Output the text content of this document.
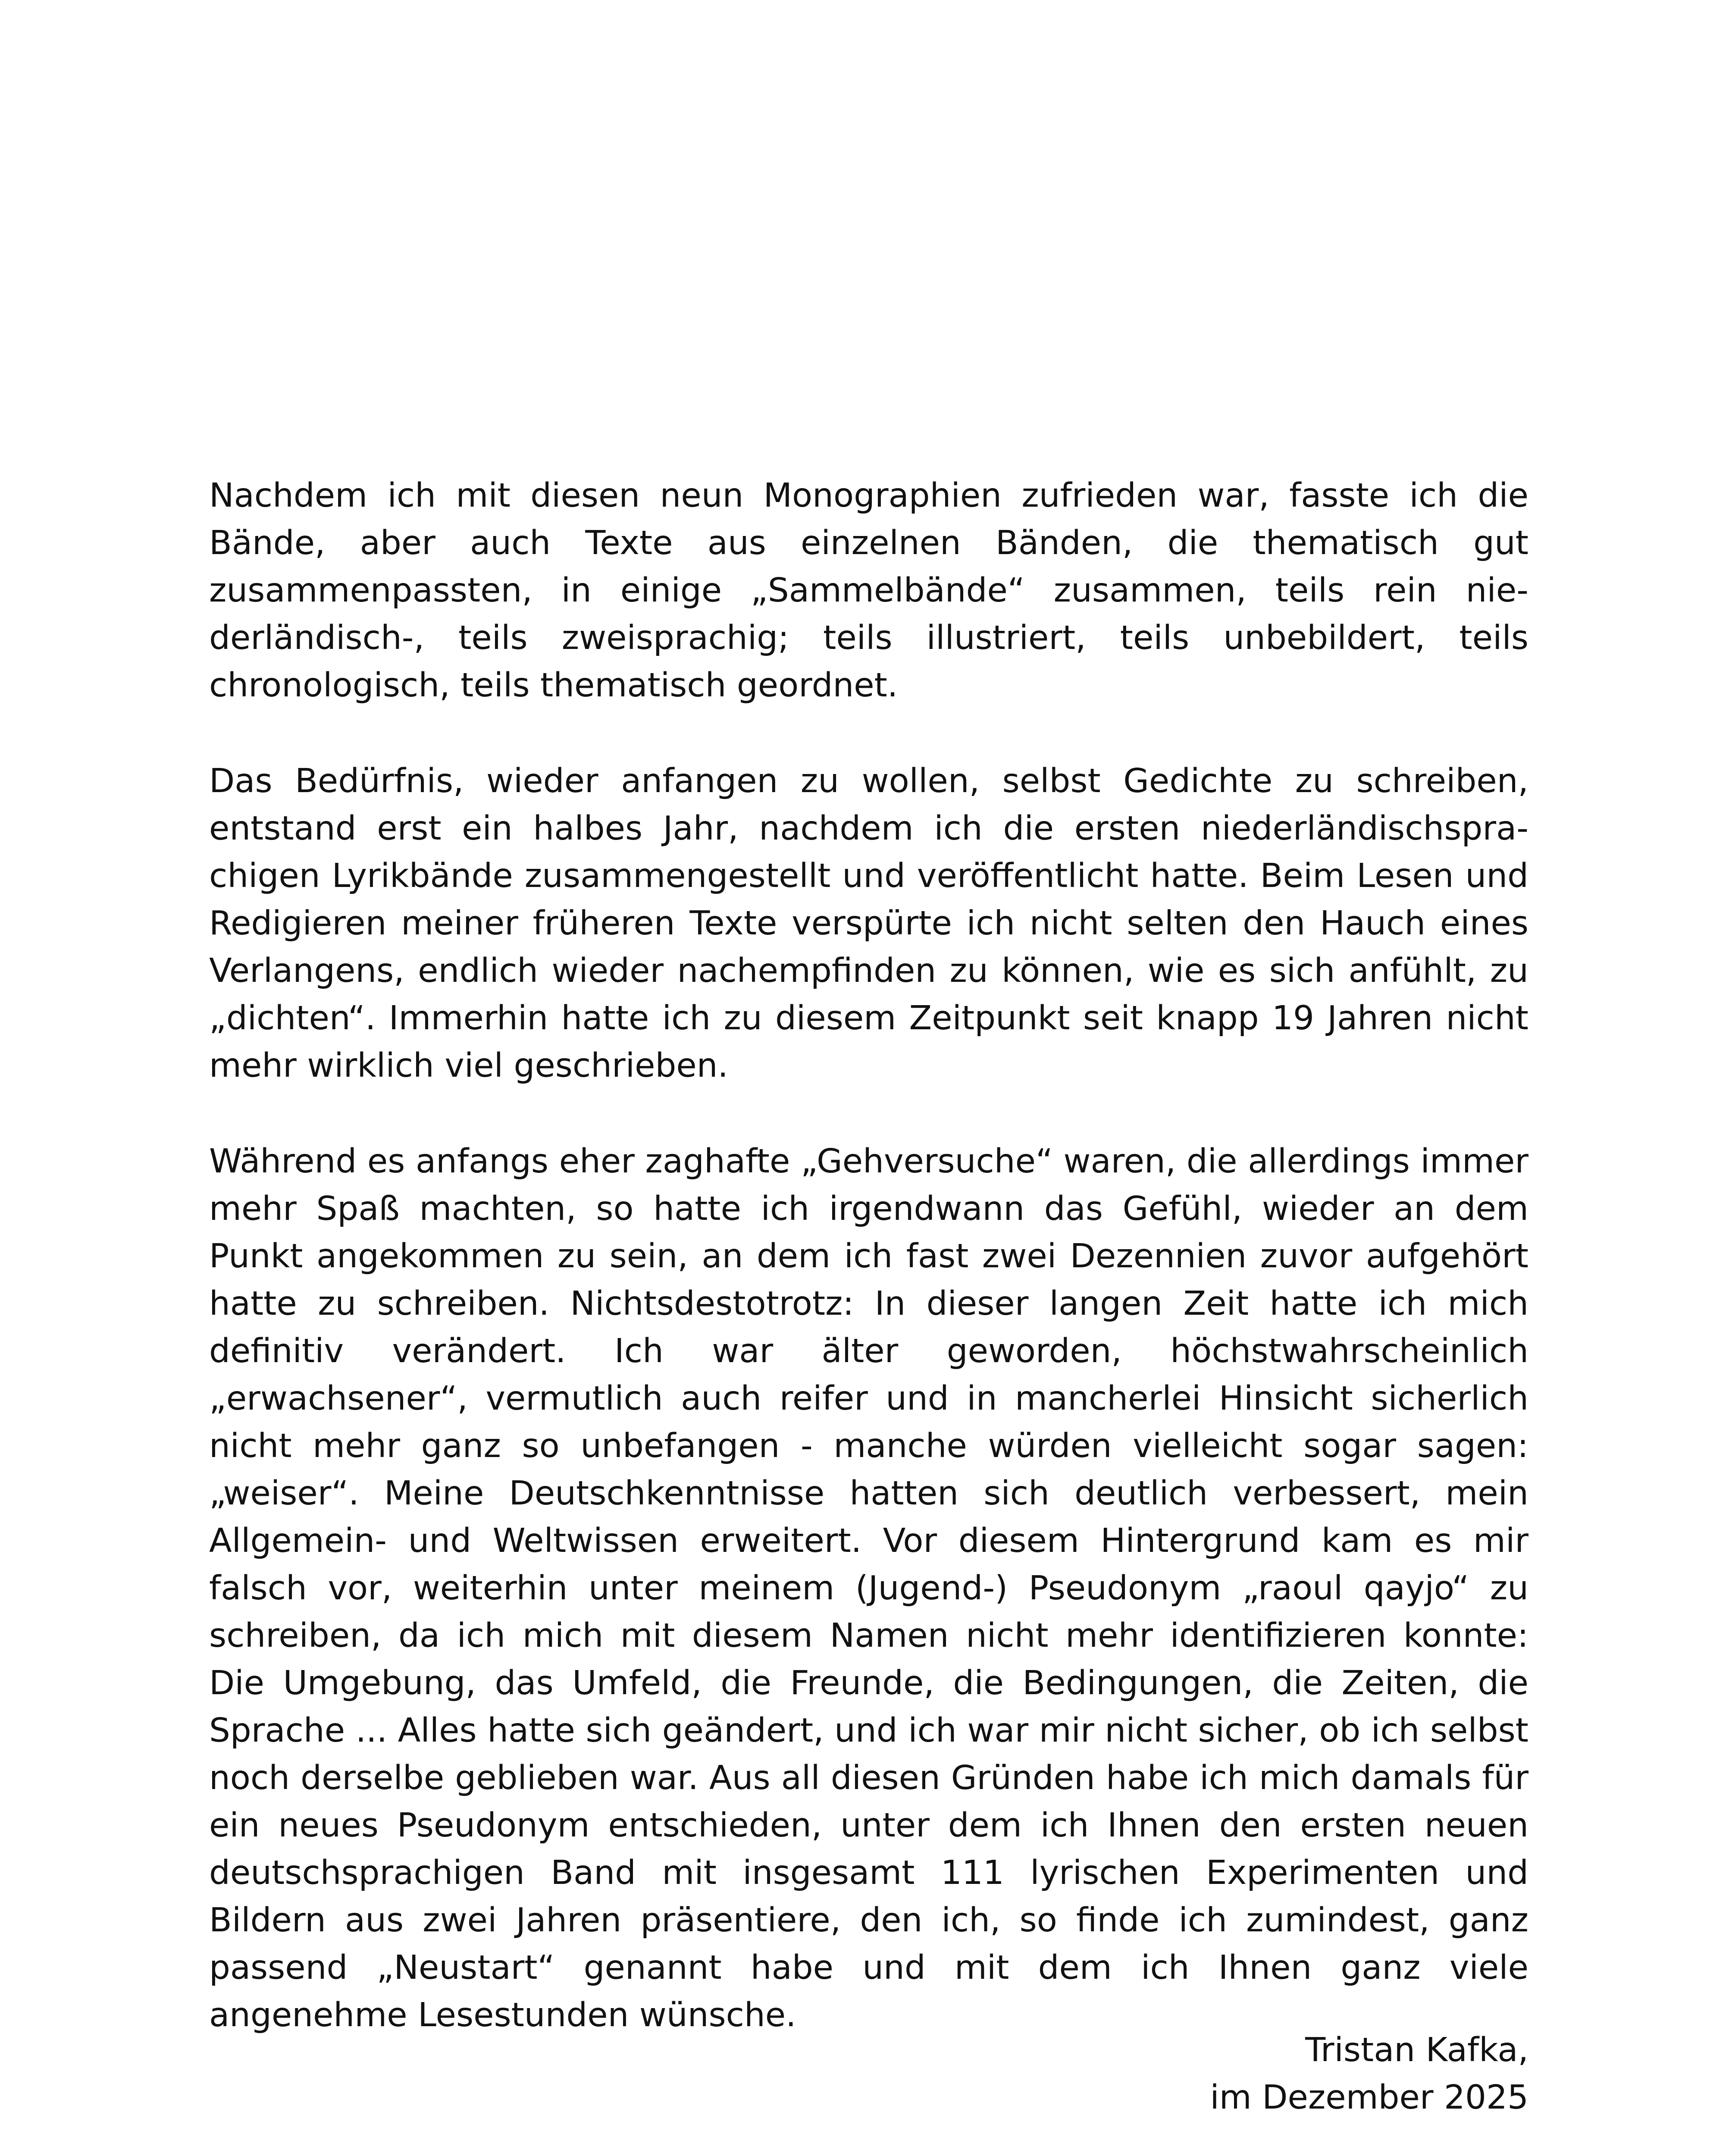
Nachdem ich mit diesen neun Monographien zufrieden war, fasste ich die Bände, aber auch Texte aus einzelnen Bänden, die thematisch gut zusammenpassten, in einige „Sammelbände“ zusammen, teils rein niederländisch-, teils zweisprachig; teils illustriert, teils unbebildert, teils chronologisch, teils thematisch geordnet.

Das Bedürfnis, wieder anfangen zu wollen, selbst Gedichte zu schreiben, entstand erst ein halbes Jahr, nachdem ich die ersten niederländischsprachigen Lyrikbände zusammengestellt und veröffentlicht hatte. Beim Lesen und Redigieren meiner früheren Texte verspürte ich nicht selten den Hauch eines Verlangens, endlich wieder nachempfinden zu können, wie es sich anfühlt, zu „dichten“. Immerhin hatte ich zu diesem Zeitpunkt seit knapp 19 Jahren nicht mehr wirklich viel geschrieben.

Während es anfangs eher zaghafte „Gehversuche“ waren, die allerdings immer mehr Spaß machten, so hatte ich irgendwann das Gefühl, wieder an dem Punkt angekommen zu sein, an dem ich fast zwei Dezennien zuvor aufgehört hatte zu schreiben. Nichtsdestotrotz: In dieser langen Zeit hatte ich mich definitiv verändert. Ich war älter geworden, höchstwahrscheinlich „erwachsener“, vermutlich auch reifer und in mancherlei Hinsicht sicherlich nicht mehr ganz so unbefangen - manche würden vielleicht sogar sagen: „weiser“. Meine Deutschkenntnisse hatten sich deutlich verbessert, mein Allgemein- und Weltwissen erweitert. Vor diesem Hintergrund kam es mir falsch vor, weiterhin unter meinem (Jugend-) Pseudonym „raoul qayjo“ zu schreiben, da ich mich mit diesem Namen nicht mehr identifizieren konnte: Die Umgebung, das Umfeld, die Freunde, die Bedingungen, die Zeiten, die Sprache ... Alles hatte sich geändert, und ich war mir nicht sicher, ob ich selbst noch derselbe geblieben war. Aus all diesen Gründen habe ich mich damals für ein neues Pseudonym entschieden, unter dem ich Ihnen den ersten neuen deutschsprachigen Band mit insgesamt 111 lyrischen Experimenten und Bildern aus zwei Jahren präsentiere, den ich, so finde ich zumindest, ganz passend „Neustart“ genannt habe und mit dem ich Ihnen ganz viele angenehme Lesestunden wünsche.

Tristan Kafka,
im Dezember 2025
